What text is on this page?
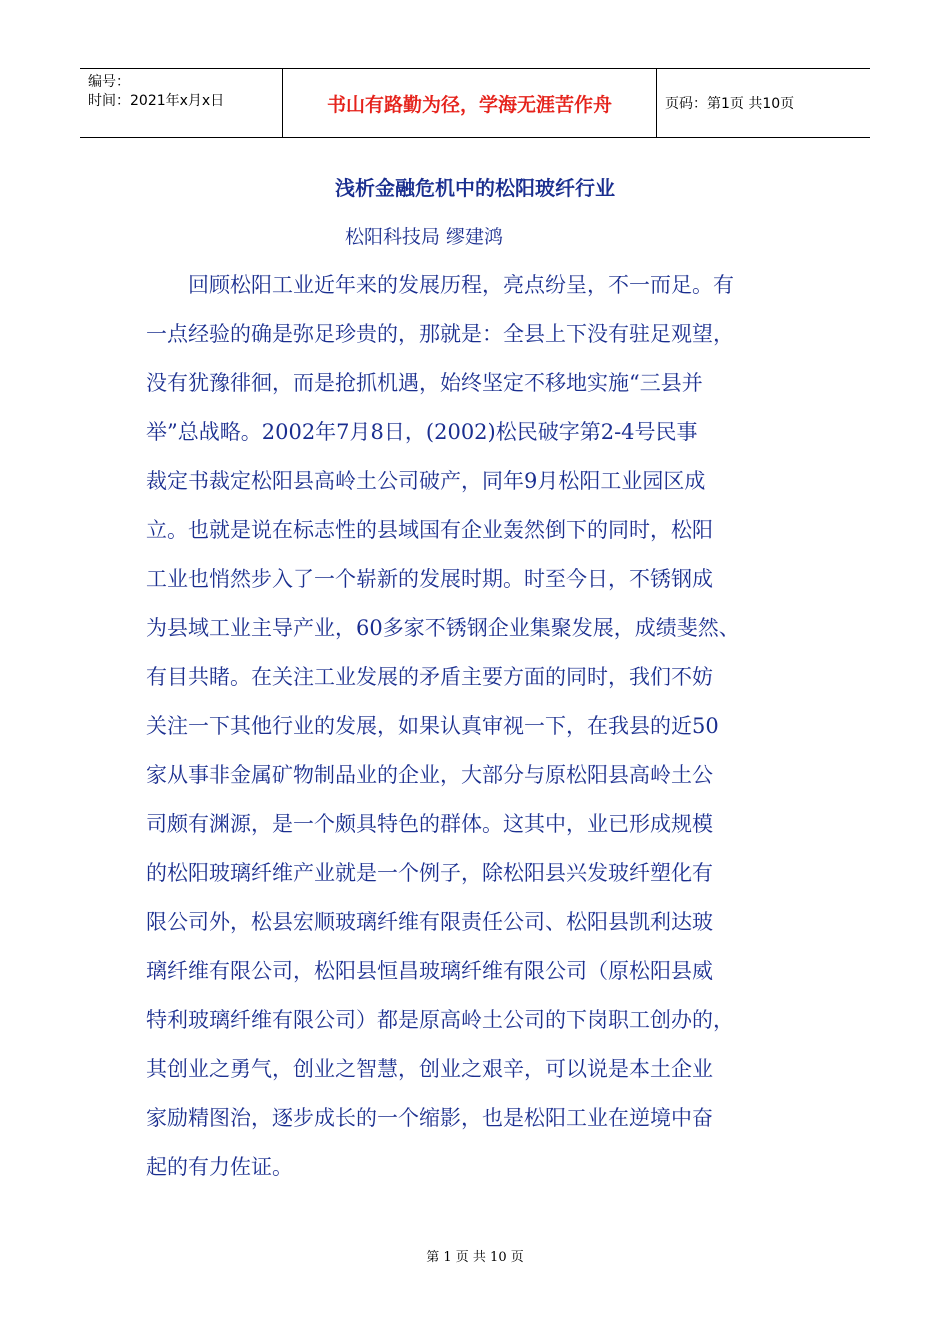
编号：
时间：2021年x月x日	书山有路勤为径，学海无涯苦作舟	页码：第1页 共10页
浅析金融危机中的松阳玻纤行业
松阳科技局 缪建鸿
　　回顾松阳工业近年来的发展历程，亮点纷呈，不一而足。有
一点经验的确是弥足珍贵的，那就是：全县上下没有驻足观望，
没有犹豫徘徊，而是抢抓机遇，始终坚定不移地实施“三县并
举”总战略。2002年7月8日，(2002)松民破字第2-4号民事
裁定书裁定松阳县高岭土公司破产，同年9月松阳工业园区成
立。也就是说在标志性的县域国有企业轰然倒下的同时，松阳
工业也悄然步入了一个崭新的发展时期。时至今日，不锈钢成
为县域工业主导产业，60多家不锈钢企业集聚发展，成绩斐然、
有目共睹。在关注工业发展的矛盾主要方面的同时，我们不妨
关注一下其他行业的发展，如果认真审视一下，在我县的近50
家从事非金属矿物制品业的企业，大部分与原松阳县高岭土公
司颇有渊源，是一个颇具特色的群体。这其中，业已形成规模
的松阳玻璃纤维产业就是一个例子，除松阳县兴发玻纤塑化有
限公司外，松县宏顺玻璃纤维有限责任公司、松阳县凯利达玻
璃纤维有限公司，松阳县恒昌玻璃纤维有限公司（原松阳县威
特利玻璃纤维有限公司）都是原高岭土公司的下岗职工创办的，
其创业之勇气，创业之智慧，创业之艰辛，可以说是本土企业
家励精图治，逐步成长的一个缩影，也是松阳工业在逆境中奋
起的有力佐证。
第 1 页 共 10 页
